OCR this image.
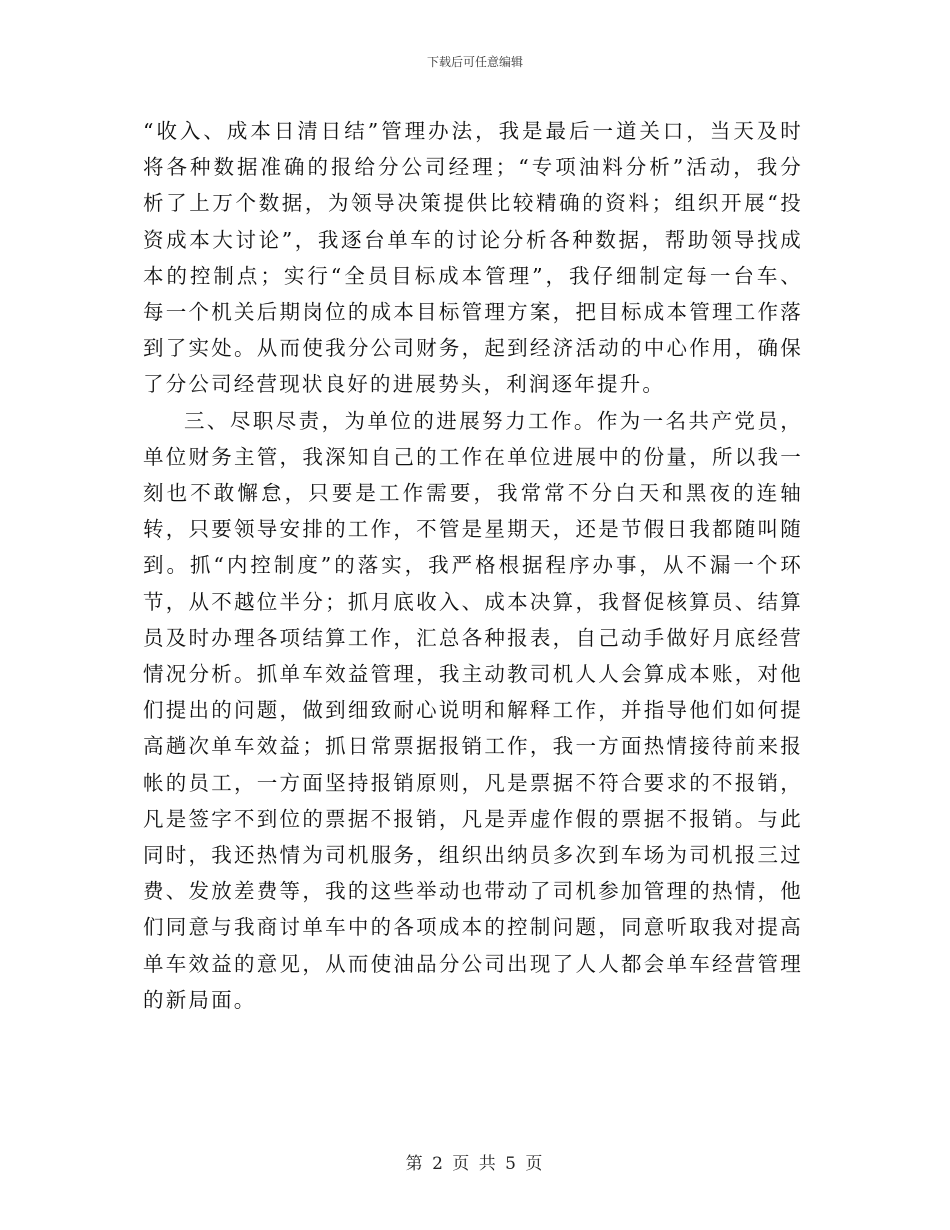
下载后可任意编辑

“收入、成本日清日结”管理办法，我是最后一道关口，当天及时将各种数据准确的报给分公司经理；“专项油料分析”活动，我分析了上万个数据，为领导决策提供比较精确的资料；组织开展“投资成本大讨论”，我逐台单车的讨论分析各种数据，帮助领导找成本的控制点；实行“全员目标成本管理”，我仔细制定每一台车、每一个机关后期岗位的成本目标管理方案，把目标成本管理工作落到了实处。从而使我分公司财务，起到经济活动的中心作用，确保了分公司经营现状良好的进展势头，利润逐年提升。

三、尽职尽责，为单位的进展努力工作。作为一名共产党员，单位财务主管，我深知自己的工作在单位进展中的份量，所以我一刻也不敢懈怠，只要是工作需要，我常常不分白天和黑夜的连轴转，只要领导安排的工作，不管是星期天，还是节假日我都随叫随到。抓“内控制度”的落实，我严格根据程序办事，从不漏一个环节，从不越位半分；抓月底收入、成本决算，我督促核算员、结算员及时办理各项结算工作，汇总各种报表，自己动手做好月底经营情况分析。抓单车效益管理，我主动教司机人人会算成本账，对他们提出的问题，做到细致耐心说明和解释工作，并指导他们如何提高趟次单车效益；抓日常票据报销工作，我一方面热情接待前来报帐的员工，一方面坚持报销原则，凡是票据不符合要求的不报销，凡是签字不到位的票据不报销，凡是弄虚作假的票据不报销。与此同时，我还热情为司机服务，组织出纳员多次到车场为司机报三过费、发放差费等，我的这些举动也带动了司机参加管理的热情，他们同意与我商讨单车中的各项成本的控制问题，同意听取我对提高单车效益的意见，从而使油品分公司出现了人人都会单车经营管理的新局面。

第 2 页 共 5 页
